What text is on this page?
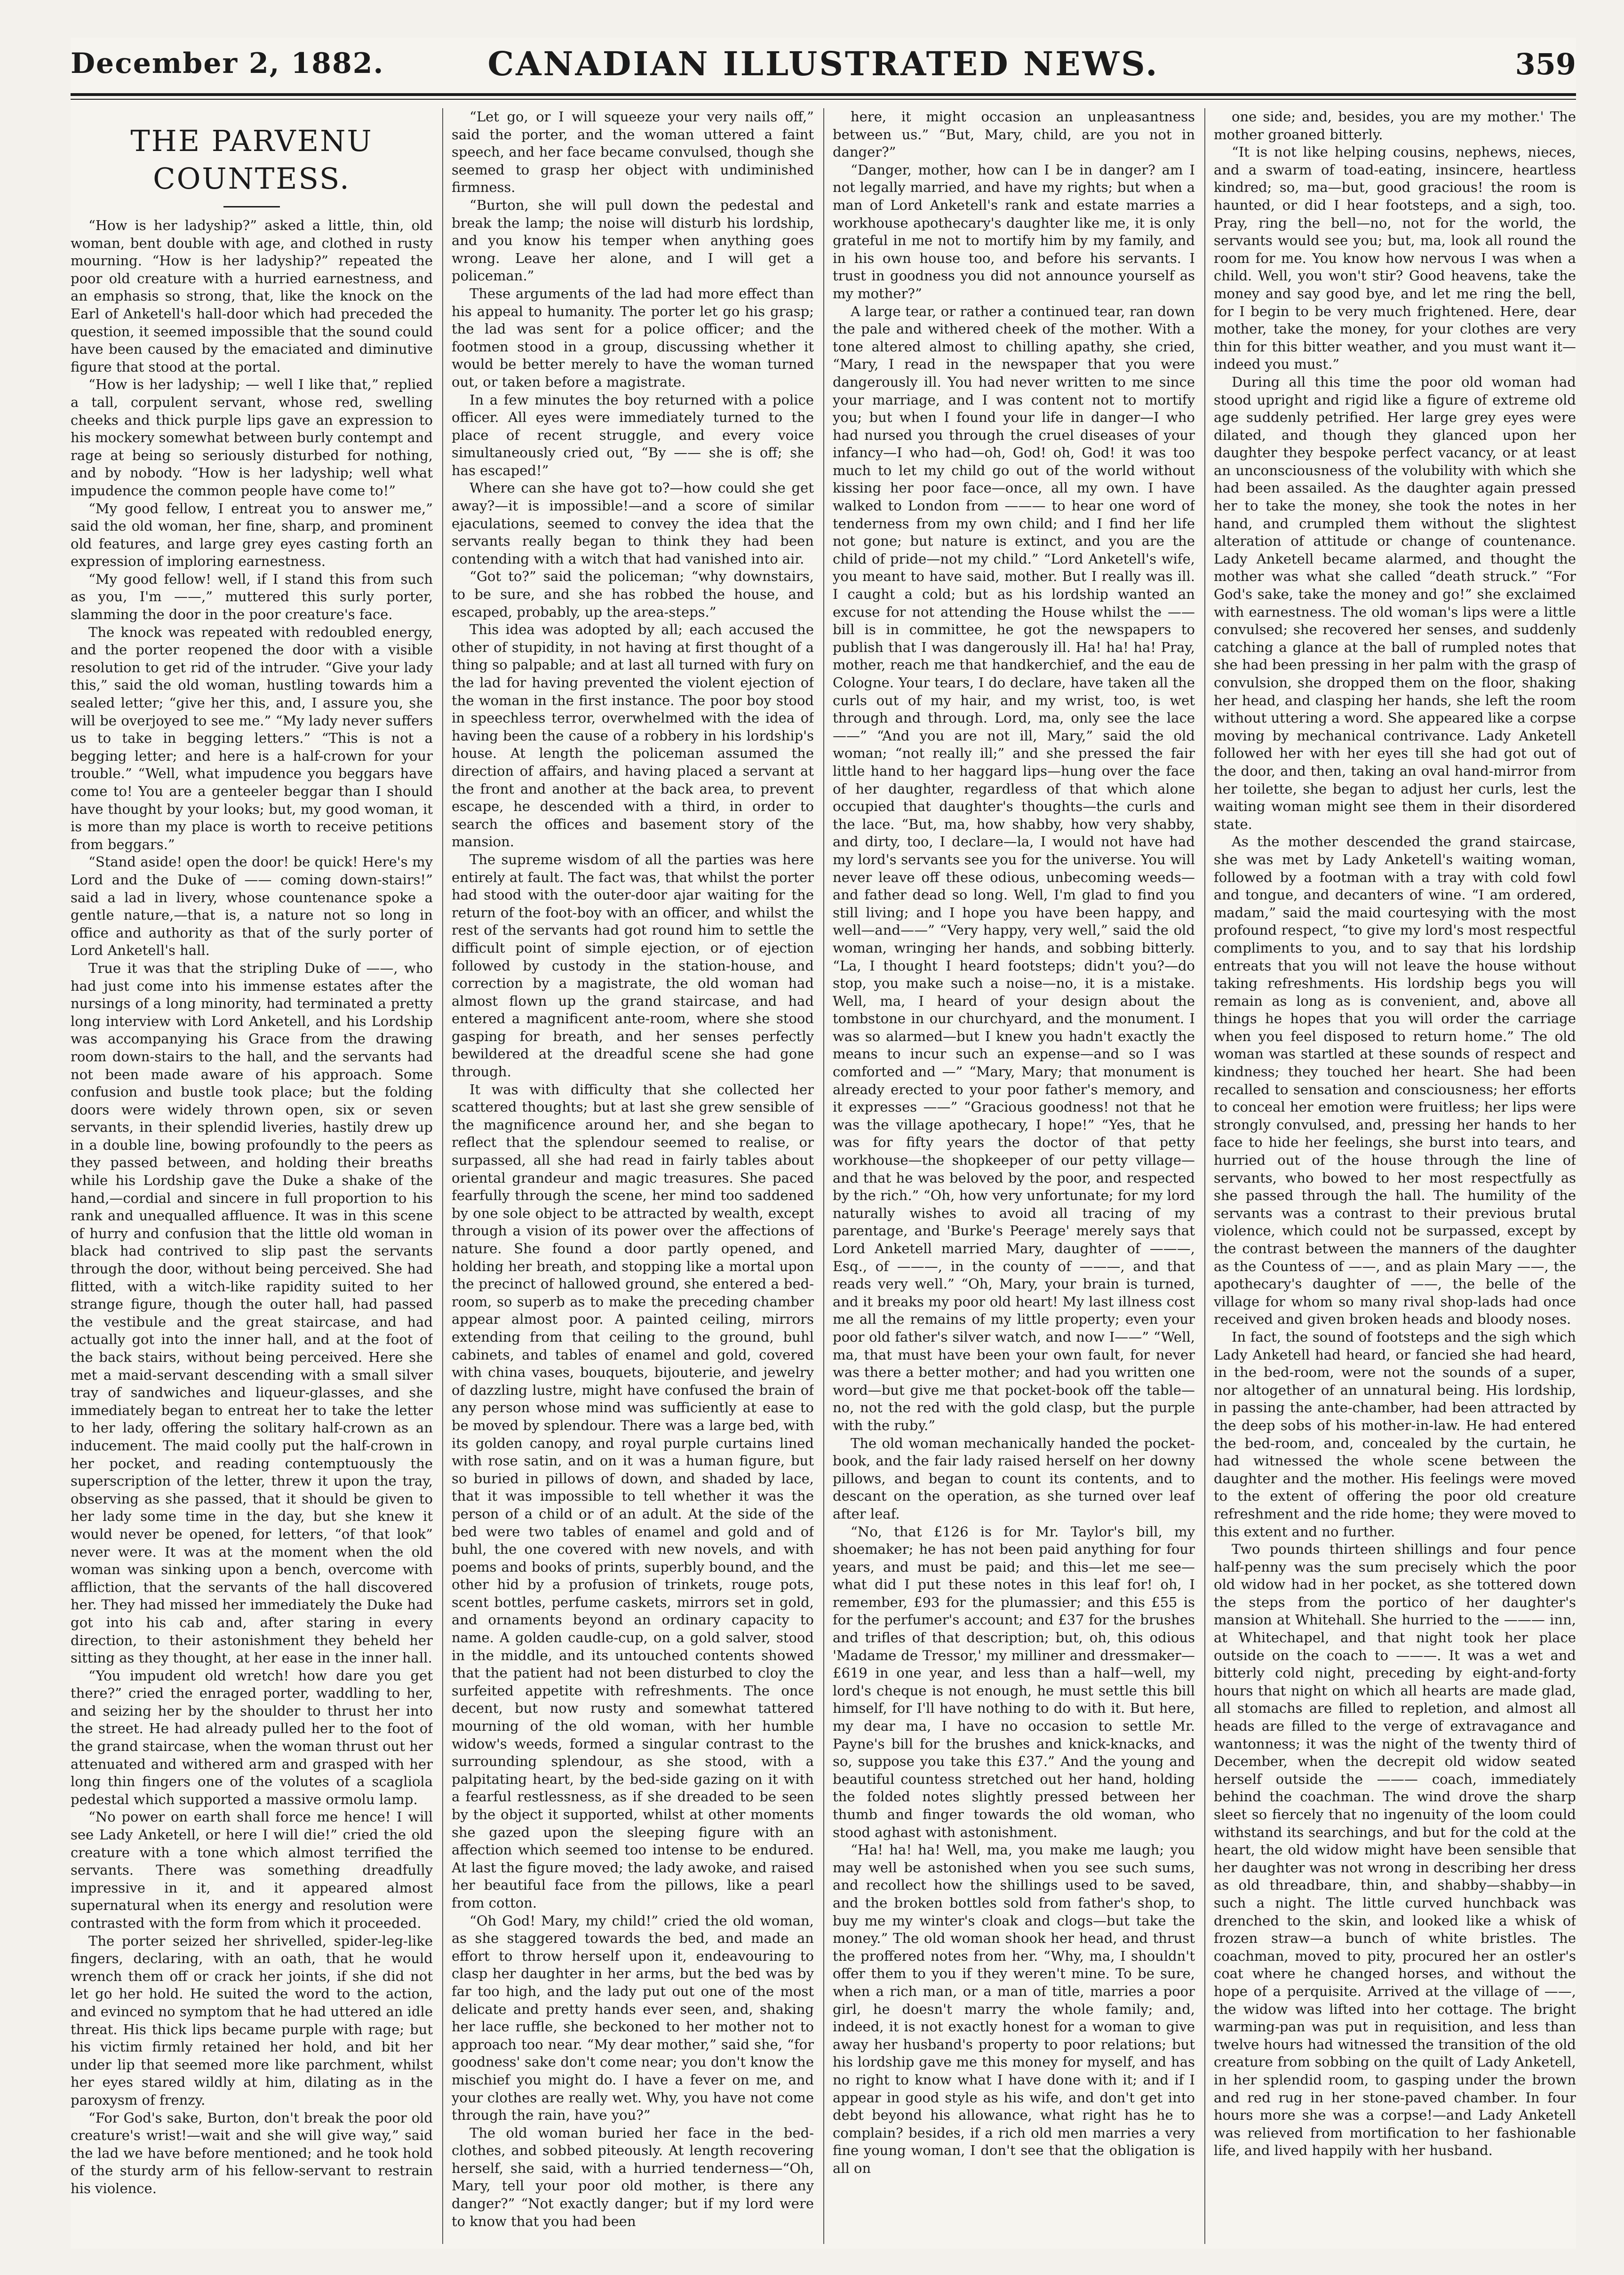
December 2, 1882.	CANADIAN ILLUSTRATED NEWS.	359
THE PARVENU COUNTESS.

“How is her ladyship?” asked a little, thin, old woman, bent double with age, and clothed in rusty mourning. “How is her ladyship?” repeated the poor old creature with a hurried earnestness, and an emphasis so strong, that, like the knock on the Earl of Anketell's hall-door which had preceded the question, it seemed impossible that the sound could have been caused by the emaciated and diminutive figure that stood at the portal.

“How is her ladyship; — well I like that,” replied a tall, corpulent servant, whose red, swelling cheeks and thick purple lips gave an expression to his mockery somewhat between burly contempt and rage at being so seriously disturbed for nothing, and by nobody. “How is her ladyship; well what impudence the common people have come to!”

“My good fellow, I entreat you to answer me,” said the old woman, her fine, sharp, and prominent old features, and large grey eyes casting forth an expression of imploring earnestness.

“My good fellow! well, if I stand this from such as you, I'm ——,” muttered this surly porter, slamming the door in the poor creature's face.

The knock was repeated with redoubled energy, and the porter reopened the door with a visible resolution to get rid of the intruder. “Give your lady this,” said the old woman, hustling towards him a sealed letter; “give her this, and, I assure you, she will be overjoyed to see me.” “My lady never suffers us to take in begging letters.” “This is not a begging letter; and here is a half-crown for your trouble.” “Well, what impudence you beggars have come to! You are a genteeler beggar than I should have thought by your looks; but, my good woman, it is more than my place is worth to receive petitions from beggars.”

“Stand aside! open the door! be quick! Here's my Lord and the Duke of —— coming down-stairs!” said a lad in livery, whose countenance spoke a gentle nature,—that is, a nature not so long in office and authority as that of the surly porter of Lord Anketell's hall.

True it was that the stripling Duke of ——, who had just come into his immense estates after the nursings of a long minority, had terminated a pretty long interview with Lord Anketell, and his Lordship was accompanying his Grace from the drawing room down-stairs to the hall, and the servants had not been made aware of his approach. Some confusion and bustle took place; but the folding doors were widely thrown open, six or seven servants, in their splendid liveries, hastily drew up in a double line, bowing profoundly to the peers as they passed between, and holding their breaths while his Lordship gave the Duke a shake of the hand,—cordial and sincere in full proportion to his rank and unequalled affluence. It was in this scene of hurry and confusion that the little old woman in black had contrived to slip past the servants through the door, without being perceived. She had flitted, with a witch-like rapidity suited to her strange figure, though the outer hall, had passed the vestibule and the great staircase, and had actually got into the inner hall, and at the foot of the back stairs, without being perceived. Here she met a maid-servant descending with a small silver tray of sandwiches and liqueur-glasses, and she immediately began to entreat her to take the letter to her lady, offering the solitary half-crown as an inducement. The maid coolly put the half-crown in her pocket, and reading contemptuously the superscription of the letter, threw it upon the tray, observing as she passed, that it should be given to her lady some time in the day, but she knew it would never be opened, for letters, “of that look” never were. It was at the moment when the old woman was sinking upon a bench, overcome with affliction, that the servants of the hall discovered her. They had missed her immediately the Duke had got into his cab and, after staring in every direction, to their astonishment they beheld her sitting as they thought, at her ease in the inner hall.

“You impudent old wretch! how dare you get there?” cried the enraged porter, waddling to her, and seizing her by the shoulder to thrust her into the street. He had already pulled her to the foot of the grand staircase, when the woman thrust out her attenuated and withered arm and grasped with her long thin fingers one of the volutes of a scagliola pedestal which supported a massive ormolu lamp.

“No power on earth shall force me hence! I will see Lady Anketell, or here I will die!” cried the old creature with a tone which almost terrified the servants. There was something dreadfully impressive in it, and it appeared almost supernatural when its energy and resolution were contrasted with the form from which it proceeded.

The porter seized her shrivelled, spider-leg-like fingers, declaring, with an oath, that he would wrench them off or crack her joints, if she did not let go her hold. He suited the word to the action, and evinced no symptom that he had uttered an idle threat. His thick lips became purple with rage; but his victim firmly retained her hold, and bit her under lip that seemed more like parchment, whilst her eyes stared wildly at him, dilating as in the paroxysm of frenzy.

“For God's sake, Burton, don't break the poor old creature's wrist!—wait and she will give way,” said the lad we have before mentioned; and he took hold of the sturdy arm of his fellow-servant to restrain his violence.

“Let go, or I will squeeze your very nails off,” said the porter, and the woman uttered a faint speech, and her face became convulsed, though she seemed to grasp her object with undiminished firmness.

“Burton, she will pull down the pedestal and break the lamp; the noise will disturb his lordship, and you know his temper when anything goes wrong. Leave her alone, and I will get a policeman.”

These arguments of the lad had more effect than his appeal to humanity. The porter let go his grasp; the lad was sent for a police officer; and the footmen stood in a group, discussing whether it would be better merely to have the woman turned out, or taken before a magistrate.

In a few minutes the boy returned with a police officer. All eyes were immediately turned to the place of recent struggle, and every voice simultaneously cried out, “By —— she is off; she has escaped!”

Where can she have got to?—how could she get away?—it is impossible!—and a score of similar ejaculations, seemed to convey the idea that the servants really began to think they had been contending with a witch that had vanished into air.

“Got to?” said the policeman; “why downstairs, to be sure, and she has robbed the house, and escaped, probably, up the area-steps.”

This idea was adopted by all; each accused the other of stupidity, in not having at first thought of a thing so palpable; and at last all turned with fury on the lad for having prevented the violent ejection of the woman in the first instance. The poor boy stood in speechless terror, overwhelmed with the idea of having been the cause of a robbery in his lordship's house. At length the policeman assumed the direction of affairs, and having placed a servant at the front and another at the back area, to prevent escape, he descended with a third, in order to search the offices and basement story of the mansion.

The supreme wisdom of all the parties was here entirely at fault. The fact was, that whilst the porter had stood with the outer-door ajar waiting for the return of the foot-boy with an officer, and whilst the rest of the servants had got round him to settle the difficult point of simple ejection, or of ejection followed by custody in the station-house, and correction by a magistrate, the old woman had almost flown up the grand staircase, and had entered a magnificent ante-room, where she stood gasping for breath, and her senses perfectly bewildered at the dreadful scene she had gone through.

It was with difficulty that she collected her scattered thoughts; but at last she grew sensible of the magnificence around her, and she began to reflect that the splendour seemed to realise, or surpassed, all she had read in fairly tables about oriental grandeur and magic treasures. She paced fearfully through the scene, her mind too saddened by one sole object to be attracted by wealth, except through a vision of its power over the affections of nature. She found a door partly opened, and holding her breath, and stopping like a mortal upon the precinct of hallowed ground, she entered a bed-room, so superb as to make the preceding chamber appear almost poor. A painted ceiling, mirrors extending from that ceiling to the ground, buhl cabinets, and tables of enamel and gold, covered with china vases, bouquets, bijouterie, and jewelry of dazzling lustre, might have confused the brain of any person whose mind was sufficiently at ease to be moved by splendour. There was a large bed, with its golden canopy, and royal purple curtains lined with rose satin, and on it was a human figure, but so buried in pillows of down, and shaded by lace, that it was impossible to tell whether it was the person of a child or of an adult. At the side of the bed were two tables of enamel and gold and of buhl, the one covered with new novels, and with poems and books of prints, superbly bound, and the other hid by a profusion of trinkets, rouge pots, scent bottles, perfume caskets, mirrors set in gold, and ornaments beyond an ordinary capacity to name. A golden caudle-cup, on a gold salver, stood in the middle, and its untouched contents showed that the patient had not been disturbed to cloy the surfeited appetite with refreshments. The once decent, but now rusty and somewhat tattered mourning of the old woman, with her humble widow's weeds, formed a singular contrast to the surrounding splendour, as she stood, with a palpitating heart, by the bed-side gazing on it with a fearful restlessness, as if she dreaded to be seen by the object it supported, whilst at other moments she gazed upon the sleeping figure with an affection which seemed too intense to be endured. At last the figure moved; the lady awoke, and raised her beautiful face from the pillows, like a pearl from cotton.

“Oh God! Mary, my child!” cried the old woman, as she staggered towards the bed, and made an effort to throw herself upon it, endeavouring to clasp her daughter in her arms, but the bed was by far too high, and the lady put out one of the most delicate and pretty hands ever seen, and, shaking her lace ruffle, she beckoned to her mother not to approach too near. “My dear mother,” said she, “for goodness' sake don't come near; you don't know the mischief you might do. I have a fever on me, and your clothes are really wet. Why, you have not come through the rain, have you?”

The old woman buried her face in the bed-clothes, and sobbed piteously. At length recovering herself, she said, with a hurried tenderness—“Oh, Mary, tell your poor old mother, is there any danger?” “Not exactly danger; but if my lord were to know that you had been

here, it might occasion an unpleasantness between us.” “But, Mary, child, are you not in danger?”

“Danger, mother, how can I be in danger? am I not legally married, and have my rights; but when a man of Lord Anketell's rank and estate marries a workhouse apothecary's daughter like me, it is only grateful in me not to mortify him by my family, and in his own house too, and before his servants. I trust in goodness you did not announce yourself as my mother?”

A large tear, or rather a continued tear, ran down the pale and withered cheek of the mother. With a tone altered almost to chilling apathy, she cried, “Mary, I read in the newspaper that you were dangerously ill. You had never written to me since your marriage, and I was content not to mortify you; but when I found your life in danger—I who had nursed you through the cruel diseases of your infancy—I who had—oh, God! oh, God! it was too much to let my child go out of the world without kissing her poor face—once, all my own. I have walked to London from ——— to hear one word of tenderness from my own child; and I find her life not gone; but nature is extinct, and you are the child of pride—not my child.” “Lord Anketell's wife, you meant to have said, mother. But I really was ill. I caught a cold; but as his lordship wanted an excuse for not attending the House whilst the —— bill is in committee, he got the newspapers to publish that I was dangerously ill. Ha! ha! ha! Pray, mother, reach me that handkerchief, and the eau de Cologne. Your tears, I do declare, have taken all the curls out of my hair, and my wrist, too, is wet through and through. Lord, ma, only see the lace——” “And you are not ill, Mary,” said the old woman; “not really ill;” and she pressed the fair little hand to her haggard lips—hung over the face of her daughter, regardless of that which alone occupied that daughter's thoughts—the curls and the lace. “But, ma, how shabby, how very shabby, and dirty, too, I declare—la, I would not have had my lord's servants see you for the universe. You will never leave off these odious, unbecoming weeds—and father dead so long. Well, I'm glad to find you still living; and I hope you have been happy, and well—and——” “Very happy, very well,” said the old woman, wringing her hands, and sobbing bitterly. “La, I thought I heard footsteps; didn't you?—do stop, you make such a noise—no, it is a mistake. Well, ma, I heard of your design about the tombstone in our churchyard, and the monument. I was so alarmed—but I knew you hadn't exactly the means to incur such an expense—and so I was comforted and —” “Mary, Mary; that monument is already erected to your poor father's memory, and it expresses ——” “Gracious goodness! not that he was the village apothecary, I hope!” “Yes, that he was for fifty years the doctor of that petty workhouse—the shopkeeper of our petty village—and that he was beloved by the poor, and respected by the rich.” “Oh, how very unfortunate; for my lord naturally wishes to avoid all tracing of my parentage, and 'Burke's Peerage' merely says that Lord Anketell married Mary, daughter of ———, Esq., of ———, in the county of ———, and that reads very well.” “Oh, Mary, your brain is turned, and it breaks my poor old heart! My last illness cost me all the remains of my little property; even your poor old father's silver watch, and now I——” “Well, ma, that must have been your own fault, for never was there a better mother; and had you written one word—but give me that pocket-book off the table—no, not the red with the gold clasp, but the purple with the ruby.”

The old woman mechanically handed the pocket-book, and the fair lady raised herself on her downy pillows, and began to count its contents, and to descant on the operation, as she turned over leaf after leaf.

“No, that £126 is for Mr. Taylor's bill, my shoemaker; he has not been paid anything for four years, and must be paid; and this—let me see—what did I put these notes in this leaf for! oh, I remember, £93 for the plumassier; and this £55 is for the perfumer's account; and £37 for the brushes and trifles of that description; but, oh, this odious 'Madame de Tressor,' my milliner and dressmaker—£619 in one year, and less than a half—well, my lord's cheque is not enough, he must settle this bill himself, for I'll have nothing to do with it. But here, my dear ma, I have no occasion to settle Mr. Payne's bill for the brushes and knick-knacks, and so, suppose you take this £37.” And the young and beautiful countess stretched out her hand, holding the folded notes slightly pressed between her thumb and finger towards the old woman, who stood aghast with astonishment.

“Ha! ha! ha! Well, ma, you make me laugh; you may well be astonished when you see such sums, and recollect how the shillings used to be saved, and the broken bottles sold from father's shop, to buy me my winter's cloak and clogs—but take the money.” The old woman shook her head, and thrust the proffered notes from her. “Why, ma, I shouldn't offer them to you if they weren't mine. To be sure, when a rich man, or a man of title, marries a poor girl, he doesn't marry the whole family; and, indeed, it is not exactly honest for a woman to give away her husband's property to poor relations; but his lordship gave me this money for myself, and has no right to know what I have done with it; and if I appear in good style as his wife, and don't get into debt beyond his allowance, what right has he to complain? besides, if a rich old men marries a very fine young woman, I don't see that the obligation is all on

one side; and, besides, you are my mother.' The mother groaned bitterly.

“It is not like helping cousins, nephews, nieces, and a swarm of toad-eating, insincere, heartless kindred; so, ma—but, good gracious! the room is haunted, or did I hear footsteps, and a sigh, too. Pray, ring the bell—no, not for the world, the servants would see you; but, ma, look all round the room for me. You know how nervous I was when a child. Well, you won't stir? Good heavens, take the money and say good bye, and let me ring the bell, for I begin to be very much frightened. Here, dear mother, take the money, for your clothes are very thin for this bitter weather, and you must want it—indeed you must.”

During all this time the poor old woman had stood upright and rigid like a figure of extreme old age suddenly petrified. Her large grey eyes were dilated, and though they glanced upon her daughter they bespoke perfect vacancy, or at least an unconsciousness of the volubility with which she had been assailed. As the daughter again pressed her to take the money, she took the notes in her hand, and crumpled them without the slightest alteration of attitude or change of countenance. Lady Anketell became alarmed, and thought the mother was what she called “death struck.” “For God's sake, take the money and go!” she exclaimed with earnestness. The old woman's lips were a little convulsed; she recovered her senses, and suddenly catching a glance at the ball of rumpled notes that she had been pressing in her palm with the grasp of convulsion, she dropped them on the floor, shaking her head, and clasping her hands, she left the room without uttering a word. She appeared like a corpse moving by mechanical contrivance. Lady Anketell followed her with her eyes till she had got out of the door, and then, taking an oval hand-mirror from her toilette, she began to adjust her curls, lest the waiting woman might see them in their disordered state.

As the mother descended the grand staircase, she was met by Lady Anketell's waiting woman, followed by a footman with a tray with cold fowl and tongue, and decanters of wine. “I am ordered, madam,” said the maid courtesying with the most profound respect, “to give my lord's most respectful compliments to you, and to say that his lordship entreats that you will not leave the house without taking refreshments. His lordship begs you will remain as long as is convenient, and, above all things he hopes that you will order the carriage when you feel disposed to return home.” The old woman was startled at these sounds of respect and kindness; they touched her heart. She had been recalled to sensation and consciousness; her efforts to conceal her emotion were fruitless; her lips were strongly convulsed, and, pressing her hands to her face to hide her feelings, she burst into tears, and hurried out of the house through the line of servants, who bowed to her most respectfully as she passed through the hall. The humility of the servants was a contrast to their previous brutal violence, which could not be surpassed, except by the contrast between the manners of the daughter as the Countess of ——, and as plain Mary ——, the apothecary's daughter of ——, the belle of the village for whom so many rival shop-lads had once received and given broken heads and bloody noses.

In fact, the sound of footsteps and the sigh which Lady Anketell had heard, or fancied she had heard, in the bed-room, were not the sounds of a super, nor altogether of an unnatural being. His lordship, in passing the ante-chamber, had been attracted by the deep sobs of his mother-in-law. He had entered the bed-room, and, concealed by the curtain, he had witnessed the whole scene between the daughter and the mother. His feelings were moved to the extent of offering the poor old creature refreshment and the ride home; they were moved to this extent and no further.

Two pounds thirteen shillings and four pence half-penny was the sum precisely which the poor old widow had in her pocket, as she tottered down the steps from the portico of her daughter's mansion at Whitehall. She hurried to the ——— inn, at Whitechapel, and that night took her place outside on the coach to ———. It was a wet and bitterly cold night, preceding by eight-and-forty hours that night on which all hearts are made glad, all stomachs are filled to repletion, and almost all heads are filled to the verge of extravagance and wantonness; it was the night of the twenty third of December, when the decrepit old widow seated herself outside the ——— coach, immediately behind the coachman. The wind drove the sharp sleet so fiercely that no ingenuity of the loom could withstand its searchings, and but for the cold at the heart, the old widow might have been sensible that her daughter was not wrong in describing her dress as old threadbare, thin, and shabby—shabby—in such a night. The little curved hunchback was drenched to the skin, and looked like a whisk of frozen straw—a bunch of white bristles. The coachman, moved to pity, procured her an ostler's coat where he changed horses, and without the hope of a perquisite. Arrived at the village of ——, the widow was lifted into her cottage. The bright warming-pan was put in requisition, and less than twelve hours had witnessed the transition of the old creature from sobbing on the quilt of Lady Anketell, in her splendid room, to gasping under the brown and red rug in her stone-paved chamber. In four hours more she was a corpse!—and Lady Anketell was relieved from mortification to her fashionable life, and lived happily with her husband.
